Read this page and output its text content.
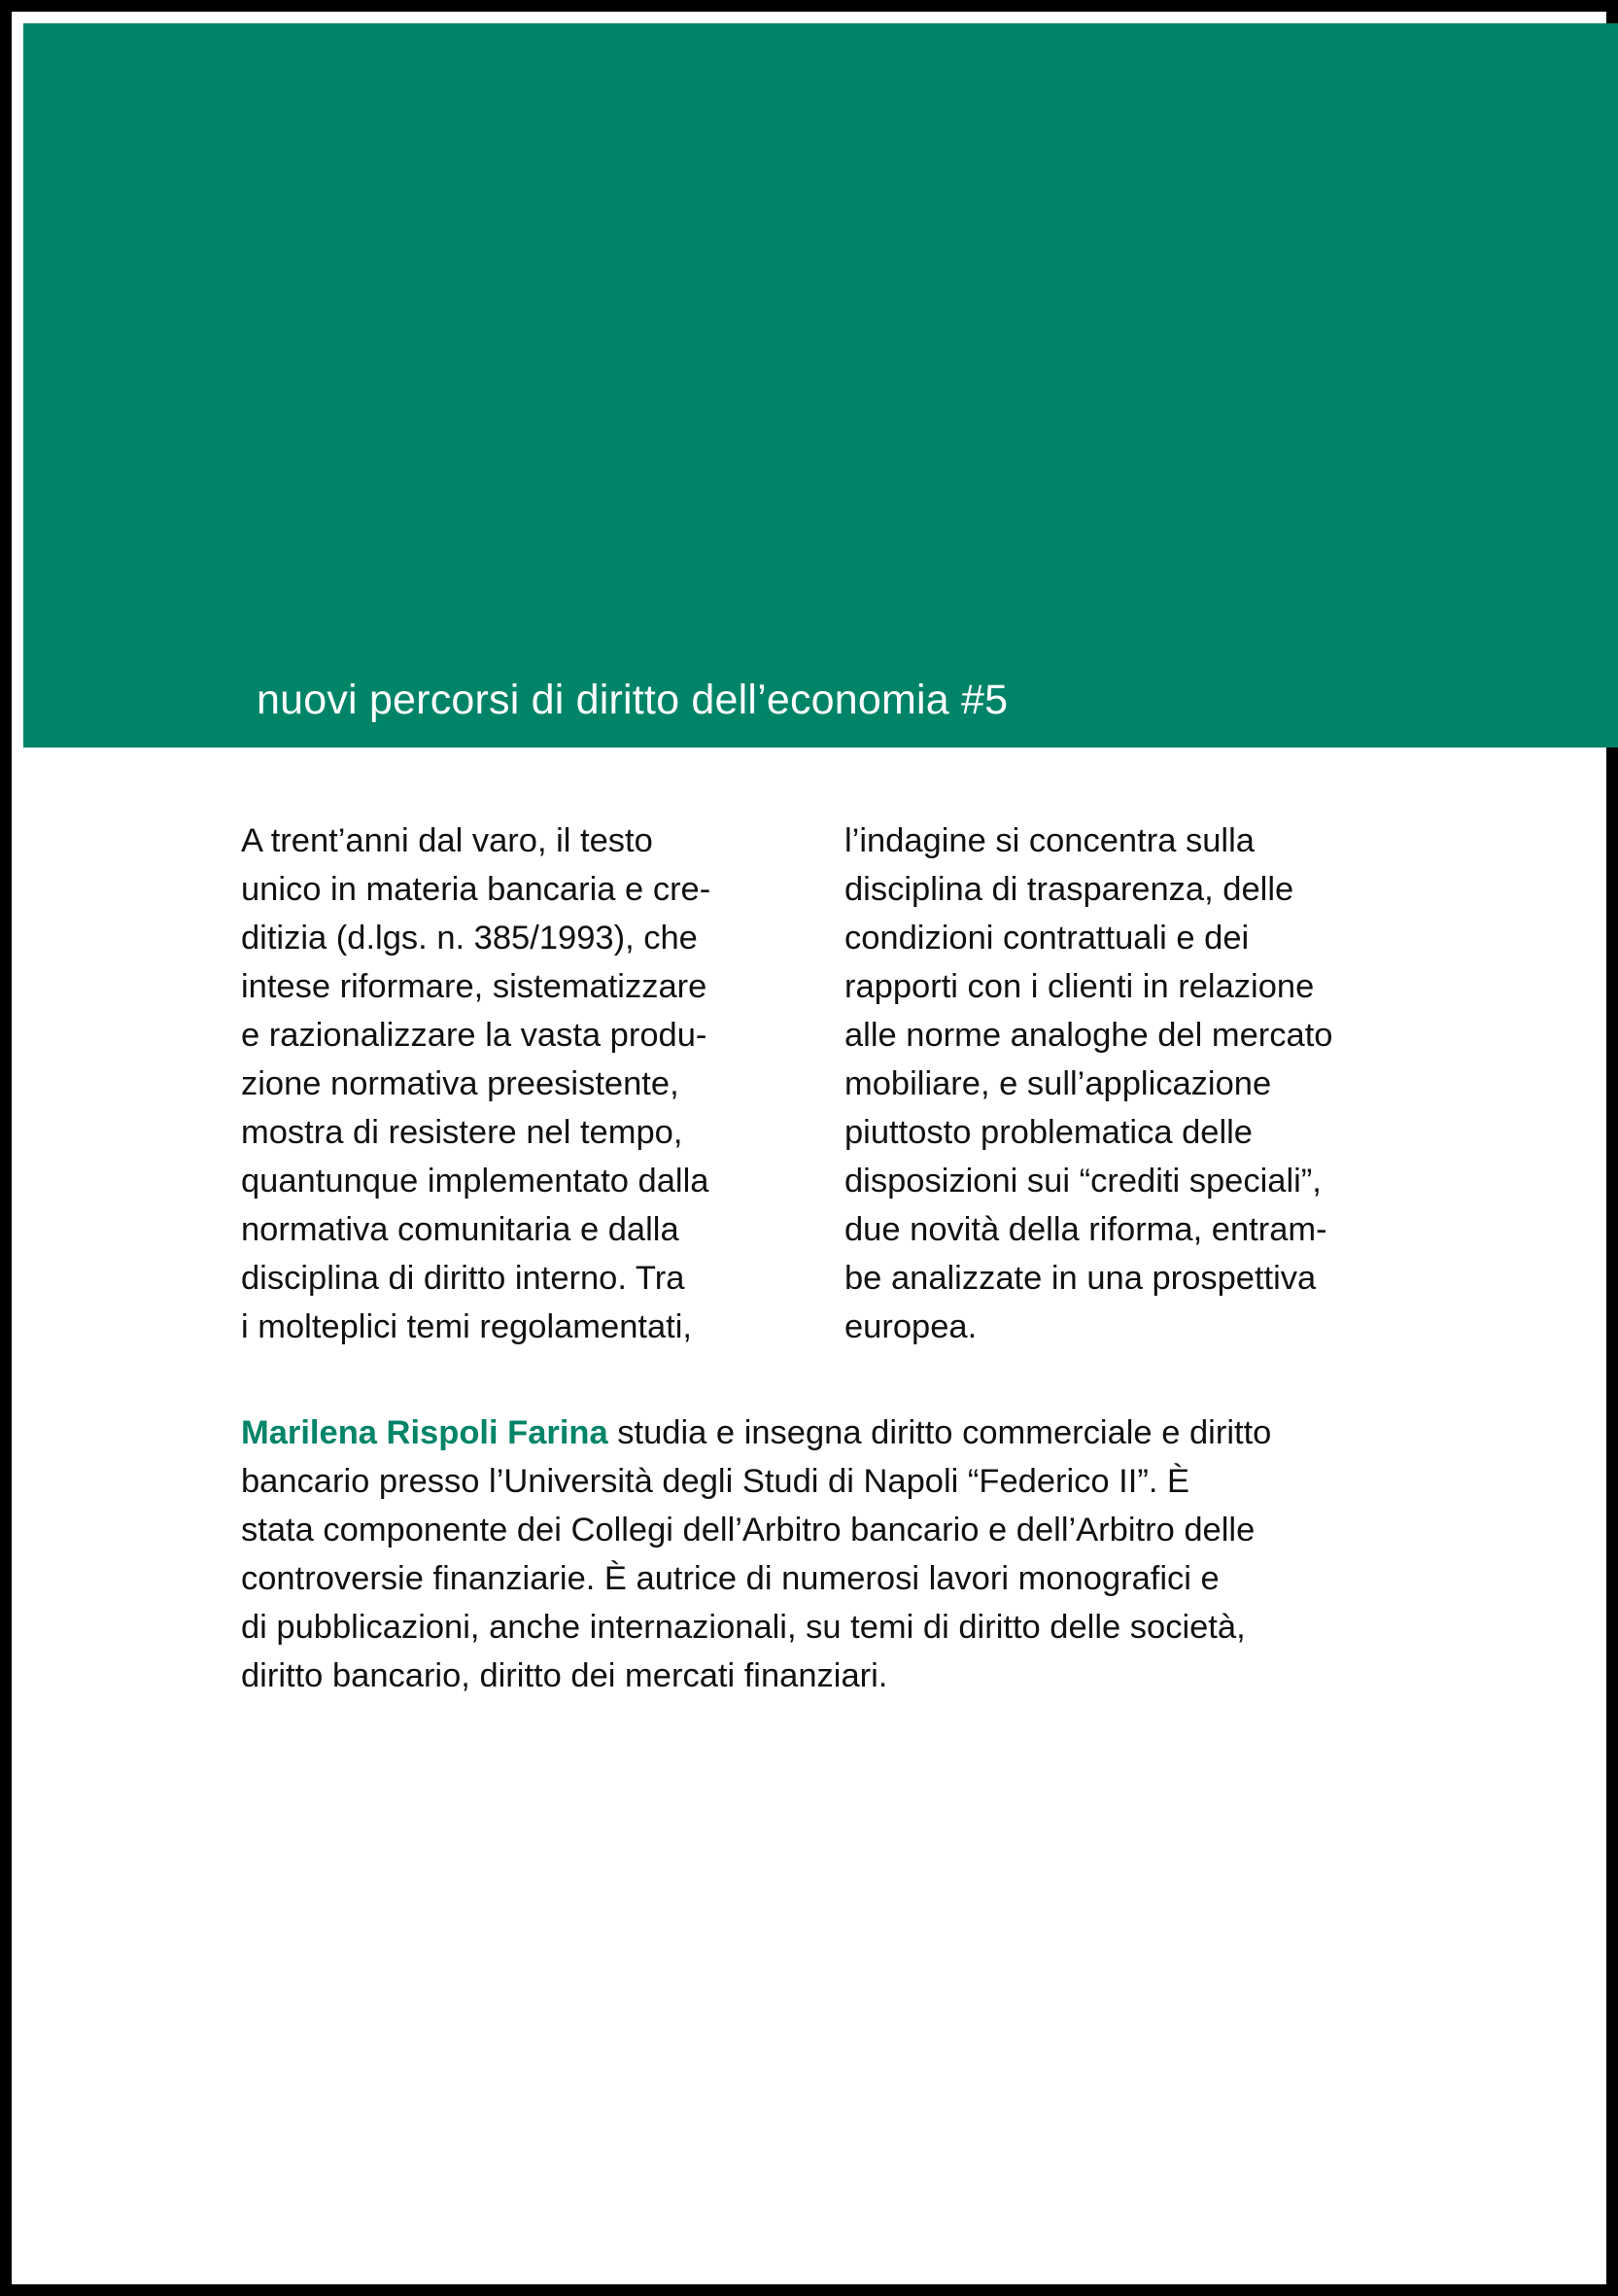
nuovi percorsi di diritto dell’economia #5

A trent’anni dal varo, il testo
unico in materia bancaria e cre-
ditizia (d.lgs. n. 385/1993), che
intese riformare, sistematizzare
e razionalizzare la vasta produ-
zione normativa preesistente,
mostra di resistere nel tempo,
quantunque implementato dalla
normativa comunitaria e dalla
disciplina di diritto interno. Tra
i molteplici temi regolamentati,

l’indagine si concentra sulla
disciplina di trasparenza, delle
condizioni contrattuali e dei
rapporti con i clienti in relazione
alle norme analoghe del mercato
mobiliare, e sull’applicazione
piuttosto problematica delle
disposizioni sui “crediti speciali”,
due novità della riforma, entram-
be analizzate in una prospettiva
europea.

Marilena Rispoli Farina studia e insegna diritto commerciale e diritto
bancario presso l’Università degli Studi di Napoli “Federico II”. È
stata componente dei Collegi dell’Arbitro bancario e dell’Arbitro delle
controversie finanziarie. È autrice di numerosi lavori monografici e
di pubblicazioni, anche internazionali, su temi di diritto delle società,
diritto bancario, diritto dei mercati finanziari.
